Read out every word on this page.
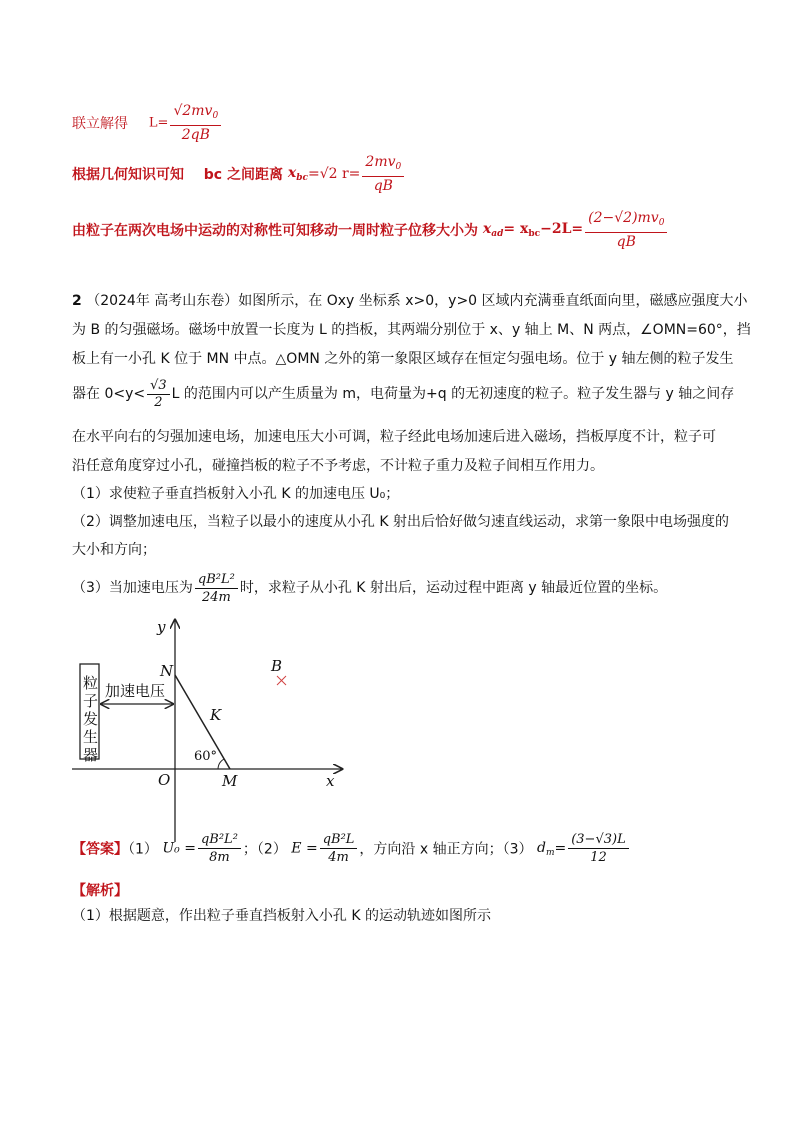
联立解得 $L= \frac{√2mv_0}{2qB}$
根据几何知识可知 bc 之间距离 $x_{bc}=√2$ $r= \frac{2mv_0}{qB}$
由粒子在两次电场中运动的对称性可知移动一周时粒子位移大小为 $x_{ad}= x_{bc}-2L= \frac{(2-√2)mv_0}{qB}$
2 （2024年 高考山东卷）如图所示，在 Oxy 坐标系 x>0，y>0 区域内充满垂直纸面向里，磁感应强度大小
为 B 的匀强磁场。磁场中放置一长度为 L 的挡板，其两端分别位于 x、y 轴上 M、N 两点，∠OMN=60°，挡
板上有一小孔 K 位于 MN 中点。△OMN 之外的第一象限区域存在恒定匀强电场。位于 y 轴左侧的粒子发生
器在 $0<y< \frac{√3}{2}$ L 的范围内可以产生质量为 m，电荷量为+q 的无初速度的粒子。粒子发生器与 y 轴之间存
在水平向右的匀强加速电场，加速电压大小可调，粒子经此电场加速后进入磁场，挡板厚度不计，粒子可
沿任意角度穿过小孔，碰撞挡板的粒子不予考虑，不计粒子重力及粒子间相互作用力。
（1）求使粒子垂直挡板射入小孔 K 的加速电压 U₀；
（2）调整加速电压，当粒子以最小的速度从小孔 K 射出后恰好做匀速直线运动，求第一象限中电场强度的
大小和方向；
（3）当加速电压为 $\frac{\text{qB²L²}}{24m}$ 时，求粒子从小孔 K 射出后，运动过程中距离 y 轴最近位置的坐标。
y
x
O
N
M
K
B
60°
加速电压
粒
子
发
生
器
【答案】（1） $U_0 = \frac{\text{qB²L²}}{8m}$ ；（2） $E = \frac{\text{qB²L}}{4m}$ ，方向沿 x 轴正方向；（3） $d_m= \frac{(3-√3)L}{12}$
【解析】
（1）根据题意，作出粒子垂直挡板射入小孔 K 的运动轨迹如图所示
